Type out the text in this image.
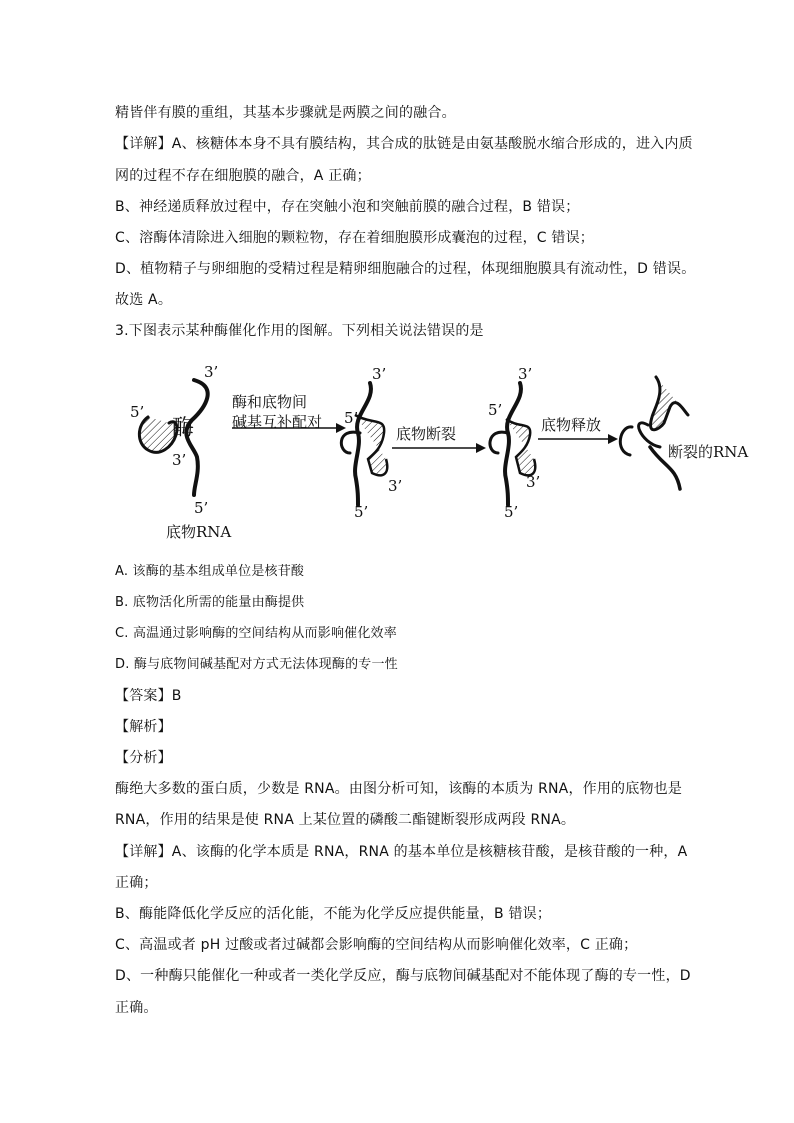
精皆伴有膜的重组，其基本步骤就是两膜之间的融合。
【详解】A、核糖体本身不具有膜结构，其合成的肽链是由氨基酸脱水缩合形成的，进入内质
网的过程不存在细胞膜的融合，A 正确；
B、神经递质释放过程中，存在突触小泡和突触前膜的融合过程，B 错误；
C、溶酶体清除进入细胞的颗粒物，存在着细胞膜形成囊泡的过程，C 错误；
D、植物精子与卵细胞的受精过程是精卵细胞融合的过程，体现细胞膜具有流动性，D 错误。
故选 A。
3.下图表示某种酶催化作用的图解。下列相关说法错误的是
5’
酶
3’
3’
5’
底物RNA
酶和底物间
碱基互补配对
3’
5’
3’
5’
底物断裂
3’
5’
3’
5’
底物释放
断裂的RNA
A. 该酶的基本组成单位是核苷酸
B. 底物活化所需的能量由酶提供
C. 高温通过影响酶的空间结构从而影响催化效率
D. 酶与底物间碱基配对方式无法体现酶的专一性
【答案】B
【解析】
【分析】
酶绝大多数的蛋白质，少数是 RNA。由图分析可知，该酶的本质为 RNA，作用的底物也是
RNA，作用的结果是使 RNA 上某位置的磷酸二酯键断裂形成两段 RNA。
【详解】A、该酶的化学本质是 RNA，RNA 的基本单位是核糖核苷酸，是核苷酸的一种，A
正确；
B、酶能降低化学反应的活化能，不能为化学反应提供能量，B 错误；
C、高温或者 pH 过酸或者过碱都会影响酶的空间结构从而影响催化效率，C 正确；
D、一种酶只能催化一种或者一类化学反应，酶与底物间碱基配对不能体现了酶的专一性，D
正确。
